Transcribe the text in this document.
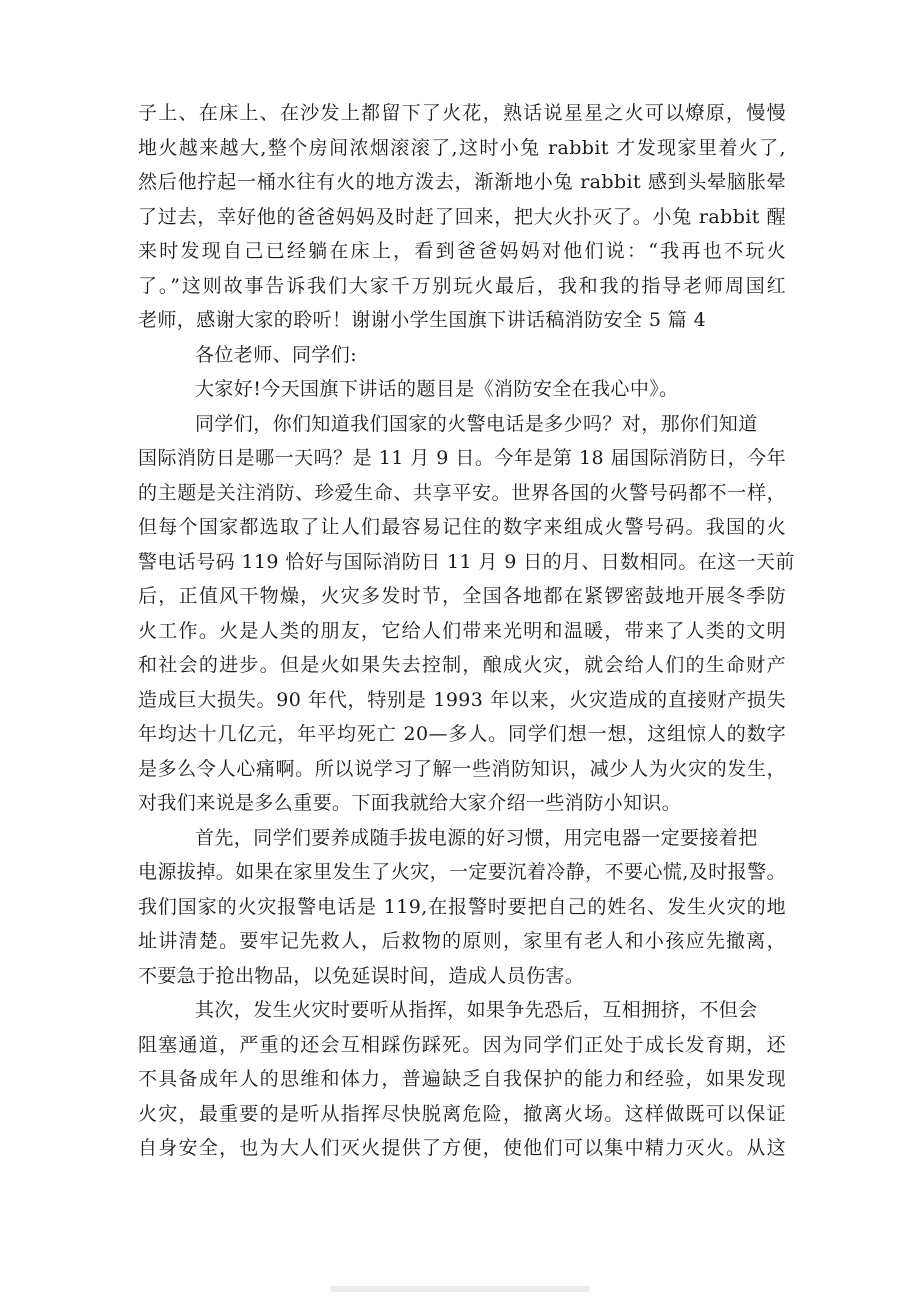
子上、在床上、在沙发上都留下了火花，熟话说星星之火可以燎原，慢慢
地火越来越大,整个房间浓烟滚滚了,这时小兔 rabbit 才发现家里着火了,
然后他拧起一桶水往有火的地方泼去，渐渐地小兔 rabbit 感到头晕脑胀晕
了过去，幸好他的爸爸妈妈及时赶了回来，把大火扑灭了。小兔 rabbit 醒
来时发现自己已经躺在床上，看到爸爸妈妈对他们说：“我再也不玩火
了。”这则故事告诉我们大家千万别玩火最后，我和我的指导老师周国红
老师，感谢大家的聆听！谢谢小学生国旗下讲话稿消防安全 5 篇 4
各位老师、同学们:
大家好!今天国旗下讲话的题目是《消防安全在我心中》。
同学们，你们知道我们国家的火警电话是多少吗？对，那你们知道
国际消防日是哪一天吗？是 11 月 9 日。今年是第 18 届国际消防日，今年
的主题是关注消防、珍爱生命、共享平安。世界各国的火警号码都不一样，
但每个国家都选取了让人们最容易记住的数字来组成火警号码。我国的火
警电话号码 119 恰好与国际消防日 11 月 9 日的月、日数相同。在这一天前
后，正值风干物燥，火灾多发时节，全国各地都在紧锣密鼓地开展冬季防
火工作。火是人类的朋友，它给人们带来光明和温暖，带来了人类的文明
和社会的进步。但是火如果失去控制，酿成火灾，就会给人们的生命财产
造成巨大损失。90 年代，特别是 1993 年以来，火灾造成的直接财产损失
年均达十几亿元，年平均死亡 20—多人。同学们想一想，这组惊人的数字
是多么令人心痛啊。所以说学习了解一些消防知识，减少人为火灾的发生，
对我们来说是多么重要。下面我就给大家介绍一些消防小知识。
首先，同学们要养成随手拔电源的好习惯，用完电器一定要接着把
电源拔掉。如果在家里发生了火灾，一定要沉着冷静，不要心慌,及时报警。
我们国家的火灾报警电话是 119,在报警时要把自己的姓名、发生火灾的地
址讲清楚。要牢记先救人，后救物的原则，家里有老人和小孩应先撤离，
不要急于抢出物品，以免延误时间，造成人员伤害。
其次，发生火灾时要听从指挥，如果争先恐后，互相拥挤，不但会
阻塞通道，严重的还会互相踩伤踩死。因为同学们正处于成长发育期，还
不具备成年人的思维和体力，普遍缺乏自我保护的能力和经验，如果发现
火灾，最重要的是听从指挥尽快脱离危险，撤离火场。这样做既可以保证
自身安全，也为大人们灭火提供了方便，使他们可以集中精力灭火。从这
